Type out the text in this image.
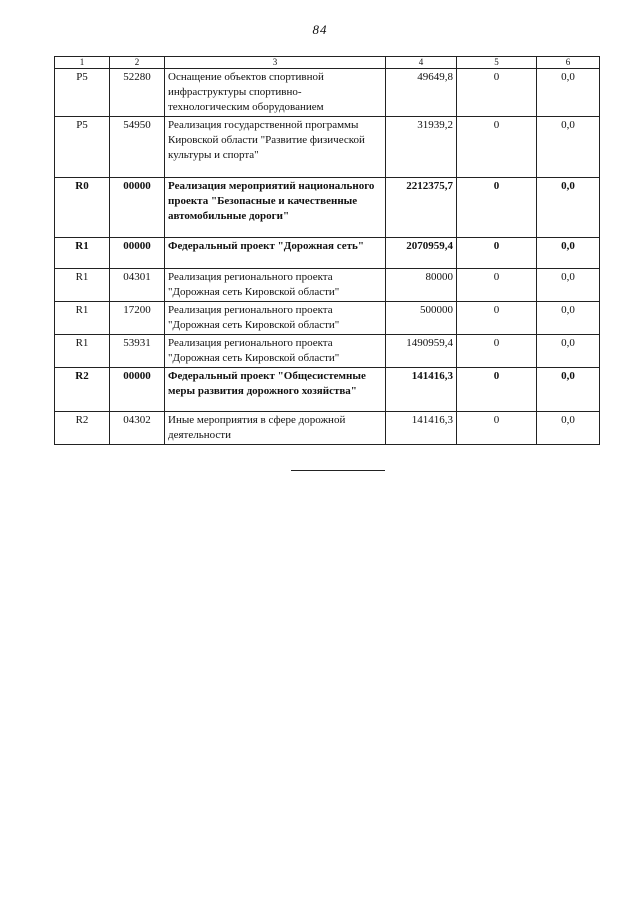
84
1	2	3	4	5	6
P5	52280	Оснащение объектов спортивной инфраструктуры спортивно-технологическим оборудованием	49649,8	0	0,0
P5	54950	Реализация государственной программы Кировской области "Развитие физической культуры и спорта"	31939,2	0	0,0
R0	00000	Реализация мероприятий национального проекта "Безопасные и качественные автомобильные дороги"	2212375,7	0	0,0
R1	00000	Федеральный проект "Дорожная сеть"	2070959,4	0	0,0
R1	04301	Реализация регионального проекта "Дорожная сеть Кировской области"	80000	0	0,0
R1	17200	Реализация регионального проекта "Дорожная сеть Кировской области"	500000	0	0,0
R1	53931	Реализация регионального проекта "Дорожная сеть Кировской области"	1490959,4	0	0,0
R2	00000	Федеральный проект "Общесистемные меры развития дорожного хозяйства"	141416,3	0	0,0
R2	04302	Иные мероприятия в сфере дорожной деятельности	141416,3	0	0,0
